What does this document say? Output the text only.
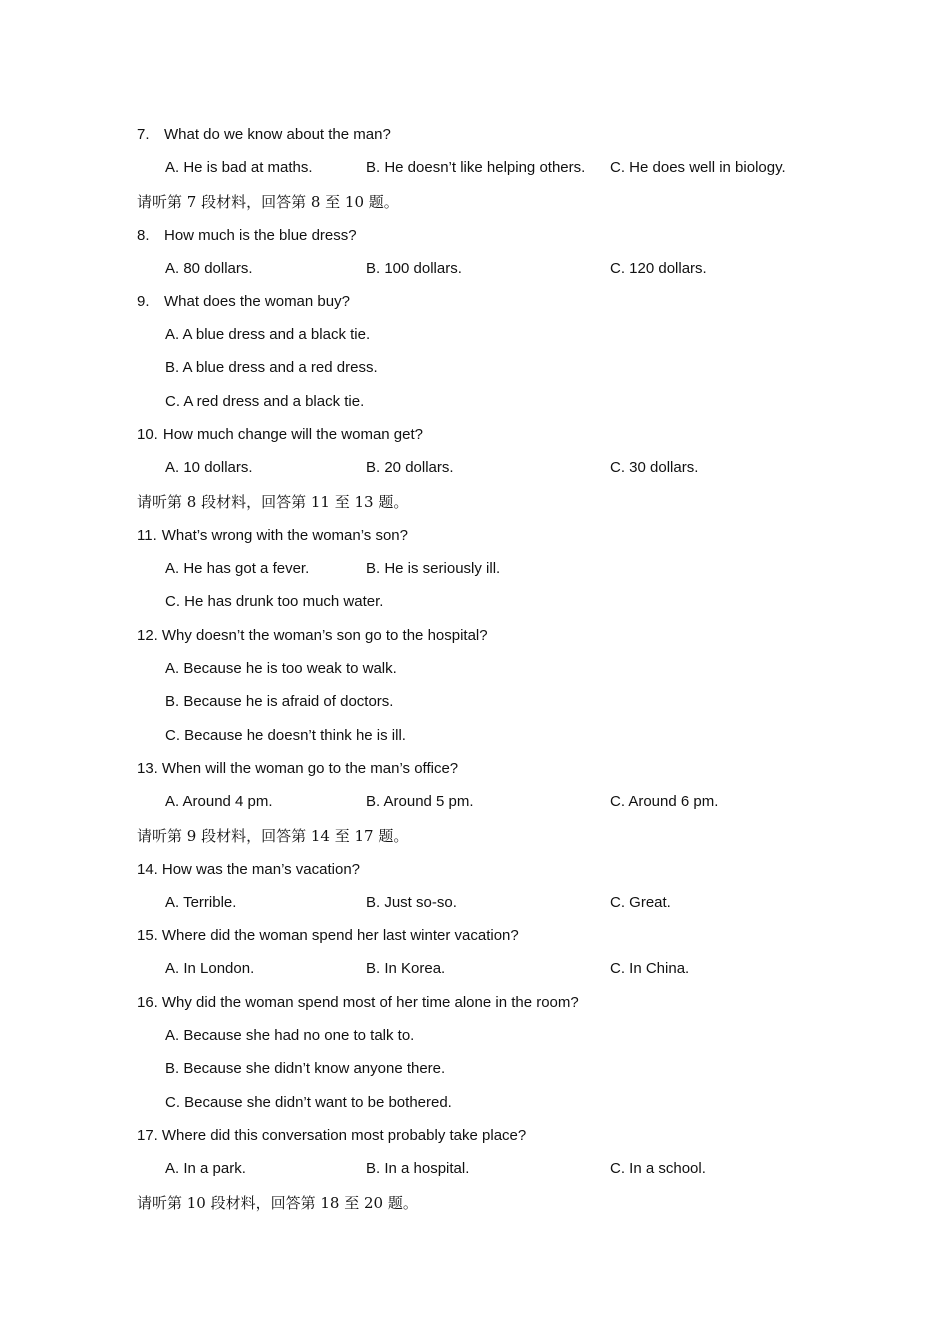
7. What do we know about the man?
A. He is bad at maths.	B. He doesn’t like helping others. C. He does well in biology.
请听第 7 段材料，回答第 8 至 10 题。
8. How much is the blue dress?
A. 80 dollars.	B. 100 dollars.	C. 120 dollars.
9. What does the woman buy?
A. A blue dress and a black tie.
B. A blue dress and a red dress.
C. A red dress and a black tie.
10. How much change will the woman get?
A. 10 dollars.	B. 20 dollars.	C. 30 dollars.
请听第 8 段材料，回答第 11 至 13 题。
11. What’s wrong with the woman’s son?
A. He has got a fever.	B. He is seriously ill.
C. He has drunk too much water.
12. Why doesn’t the woman’s son go to the hospital?
A. Because he is too weak to walk.
B. Because he is afraid of doctors.
C. Because he doesn’t think he is ill.
13. When will the woman go to the man’s office?
A. Around 4 pm.	B. Around 5 pm.	C. Around 6 pm.
请听第 9 段材料，回答第 14 至 17 题。
14. How was the man’s vacation?
A. Terrible.	B. Just so-so.	C. Great.
15. Where did the woman spend her last winter vacation?
A. In London.	B. In Korea.	C. In China.
16. Why did the woman spend most of her time alone in the room?
A. Because she had no one to talk to.
B. Because she didn’t know anyone there.
C. Because she didn’t want to be bothered.
17. Where did this conversation most probably take place?
A. In a park.	B. In a hospital.	C. In a school.
请听第 10 段材料，回答第 18 至 20 题。
